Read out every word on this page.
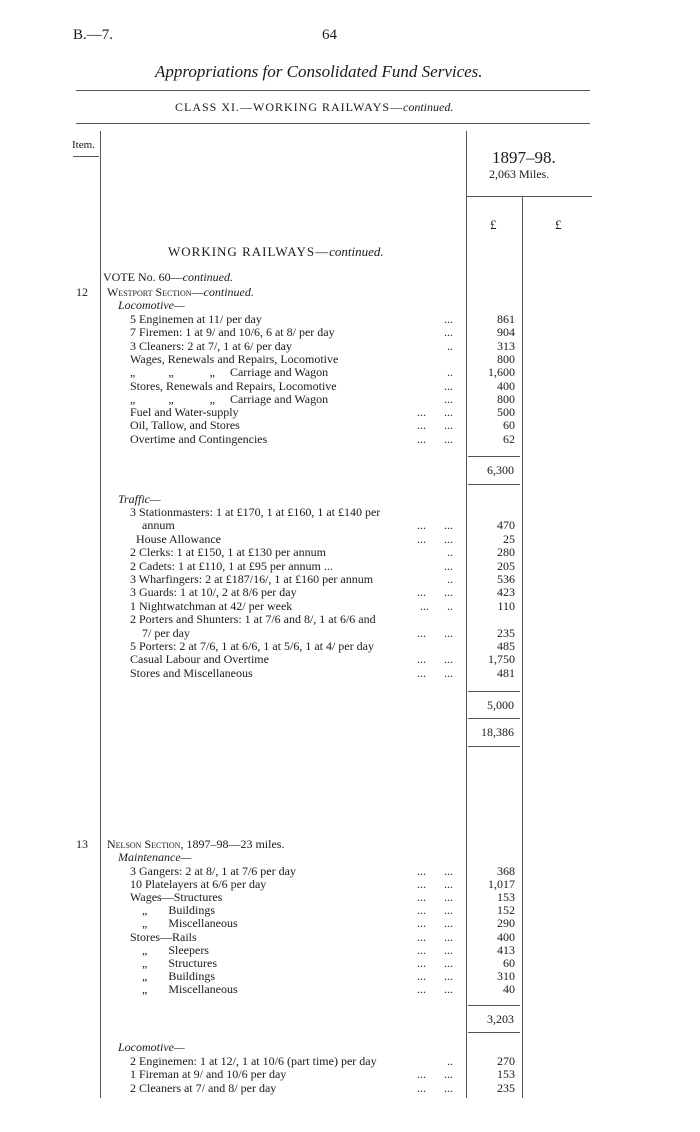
B.—7.	64
Appropriations for Consolidated Fund Services.
CLASS XI.—WORKING RAILWAYS—continued.
Item.
1897–98.
2,063 Miles.
£	£
WORKING RAILWAYS—continued.
VOTE No. 60—continued.
12 Westport Section—continued.
Locomotive—
5 Enginemen at 11/ per day	...	861
7 Firemen: 1 at 9/ and 10/6, 6 at 8/ per day	...	904
3 Cleaners: 2 at 7/, 1 at 6/ per day	..	313
Wages, Renewals and Repairs, Locomotive	800
„           „            „     Carriage and Wagon	..	1,600
Stores, Renewals and Repairs, Locomotive	...	400
„           „            „     Carriage and Wagon	...	800
Fuel and Water-supply	...      ...	500
Oil, Tallow, and Stores	...      ...	60
Overtime and Contingencies	...      ...	62
6,300
Traffic—
3 Stationmasters: 1 at £170, 1 at £160, 1 at £140 per
annum	...      ...	470
House Allowance	...      ...	25
2 Clerks: 1 at £150, 1 at £130 per annum	..	280
2 Cadets: 1 at £110, 1 at £95 per annum ...	...	205
3 Wharfingers: 2 at £187/16/, 1 at £160 per annum	..	536
3 Guards: 1 at 10/, 2 at 8/6 per day	...      ...	423
1 Nightwatchman at 42/ per week	...      ..	110
2 Porters and Shunters: 1 at 7/6 and 8/, 1 at 6/6 and
7/ per day	...      ...	235
5 Porters: 2 at 7/6, 1 at 6/6, 1 at 5/6, 1 at 4/ per day	485
Casual Labour and Overtime	...      ...	1,750
Stores and Miscellaneous	...      ...	481
5,000
18,386
13 Nelson Section, 1897–98—23 miles.
Maintenance—
3 Gangers: 2 at 8/, 1 at 7/6 per day	...      ...	368
10 Platelayers at 6/6 per day	...      ...	1,017
Wages—Structures	...      ...	153
„       Buildings	...      ...	152
„       Miscellaneous	...      ...	290
Stores—Rails	...      ...	400
„       Sleepers	...      ...	413
„       Structures	...      ...	60
„       Buildings	...      ...	310
„       Miscellaneous	...      ...	40
3,203
Locomotive—
2 Enginemen: 1 at 12/, 1 at 10/6 (part time) per day	..	270
1 Fireman at 9/ and 10/6 per day	...      ...	153
2 Cleaners at 7/ and 8/ per day	...      ...	235
